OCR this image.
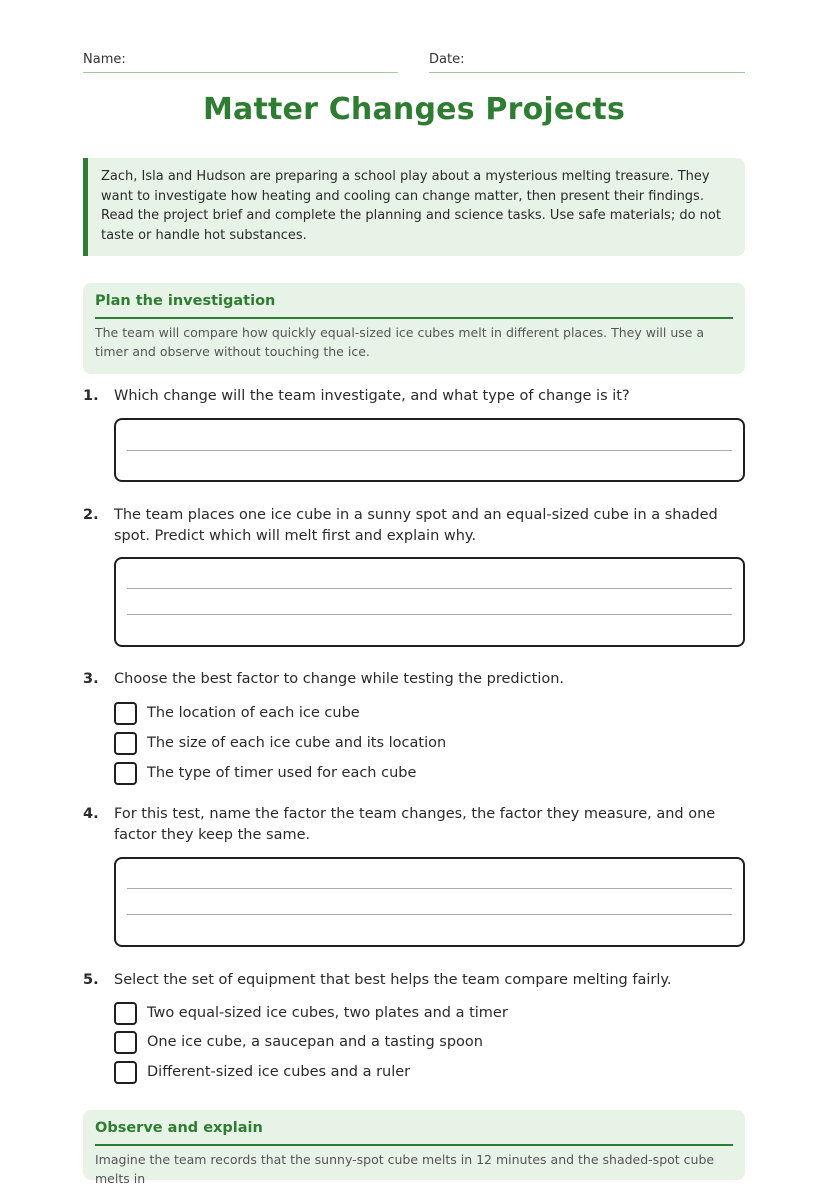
Name:	Date:
Matter Changes Projects
Zach, Isla and Hudson are preparing a school play about a mysterious melting treasure. They want to investigate how heating and cooling can change matter, then present their findings. Read the project brief and complete the planning and science tasks. Use safe materials; do not taste or handle hot substances.
Plan the investigation
The team will compare how quickly equal-sized ice cubes melt in different places. They will use a timer and observe without touching the ice.
1. Which change will the team investigate, and what type of change is it?
2. The team places one ice cube in a sunny spot and an equal-sized cube in a shaded spot. Predict which will melt first and explain why.
3. Choose the best factor to change while testing the prediction.
The location of each ice cube
The size of each ice cube and its location
The type of timer used for each cube
4. For this test, name the factor the team changes, the factor they measure, and one factor they keep the same.
5. Select the set of equipment that best helps the team compare melting fairly.
Two equal-sized ice cubes, two plates and a timer
One ice cube, a saucepan and a tasting spoon
Different-sized ice cubes and a ruler
Observe and explain
Imagine the team records that the sunny-spot cube melts in 12 minutes and the shaded-spot cube melts in
